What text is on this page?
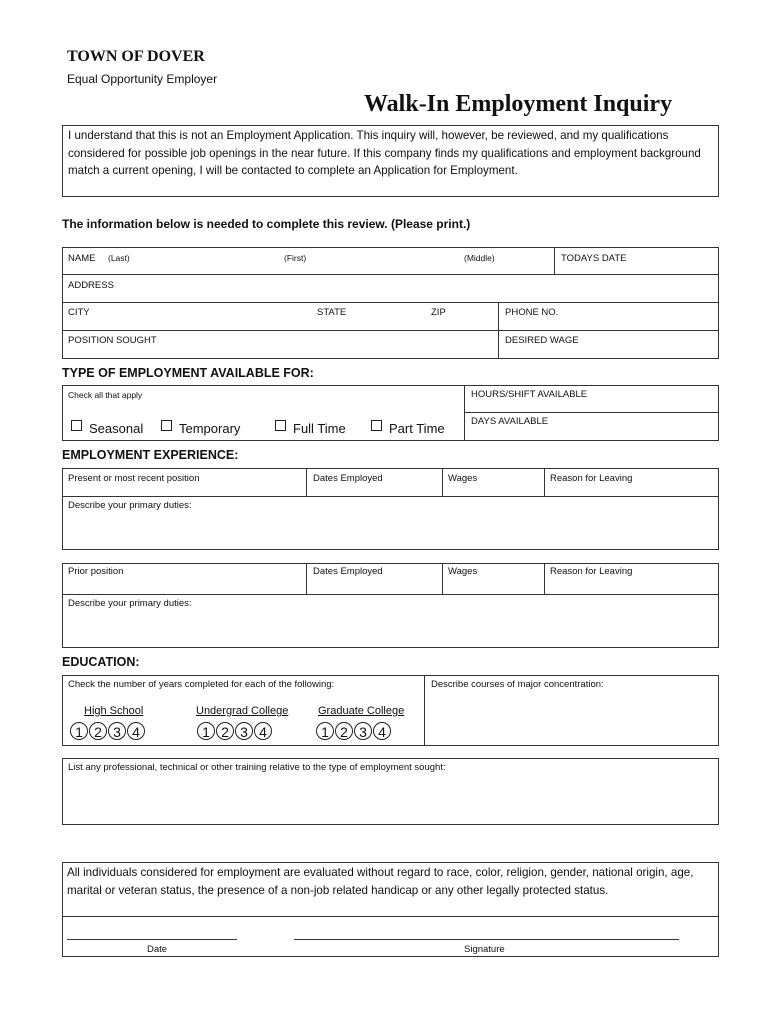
TOWN OF DOVER
Equal Opportunity Employer
Walk-In Employment Inquiry
I understand that this is not an Employment Application. This inquiry will, however, be reviewed, and my qualifications considered for possible job openings in the near future. If this company finds my qualifications and employment background match a current opening, I will be contacted to complete an Application for Employment.
The information below is needed to complete this review. (Please print.)
NAME (Last)	(First)	(Middle)	TODAYS DATE
ADDRESS
CITY	STATE	ZIP	PHONE NO.
POSITION SOUGHT	DESIRED WAGE
TYPE OF EMPLOYMENT AVAILABLE FOR:
Check all that apply	HOURS/SHIFT AVAILABLE
DAYS AVAILABLE
Seasonal	Temporary	Full Time	Part Time
EMPLOYMENT EXPERIENCE:
Present or most recent position	Dates Employed	Wages	Reason for Leaving
Describe your primary duties:
Prior position	Dates Employed	Wages	Reason for Leaving
Describe your primary duties:
EDUCATION:
Check the number of years completed for each of the following:	Describe courses of major concentration:
High School	Undergrad College	Graduate College
1 2 3 4	1 2 3 4	1 2 3 4
List any professional, technical or other training relative to the type of employment sought:
All individuals considered for employment are evaluated without regard to race, color, religion, gender, national origin, age, marital or veteran status, the presence of a non-job related handicap or any other legally protected status.
Date	Signature
